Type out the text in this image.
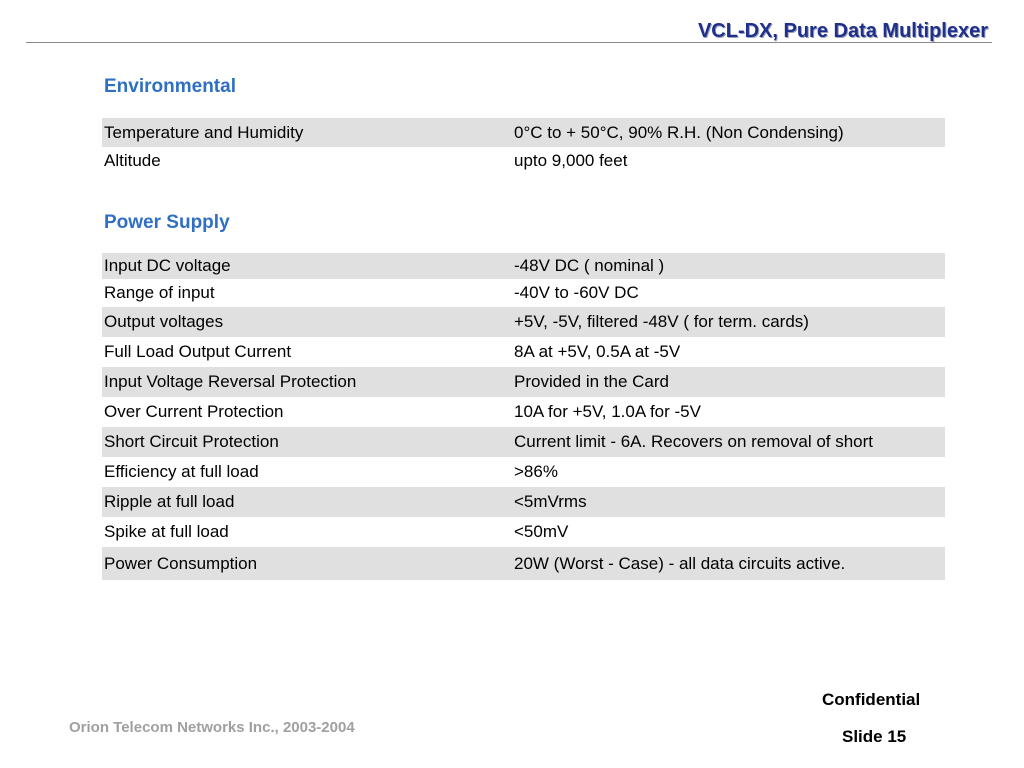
VCL-DX, Pure Data Multiplexer
Environmental
Temperature and Humidity	0°C to + 50°C, 90% R.H. (Non Condensing)
Altitude	upto 9,000 feet
Power Supply
Input DC voltage	-48V DC ( nominal )
Range of input	-40V to -60V DC
Output voltages	+5V, -5V, filtered -48V ( for term. cards)
Full Load Output Current	8A at +5V, 0.5A at -5V
Input Voltage Reversal Protection	Provided in the Card
Over Current Protection	10A for +5V, 1.0A for -5V
Short Circuit Protection	Current limit - 6A. Recovers on removal of short
Efficiency at full load	>86%
Ripple at full load	<5mVrms
Spike at full load	<50mV
Power Consumption	20W (Worst - Case) - all data circuits active.
Orion Telecom Networks Inc., 2003-2004
Confidential
Slide 15
